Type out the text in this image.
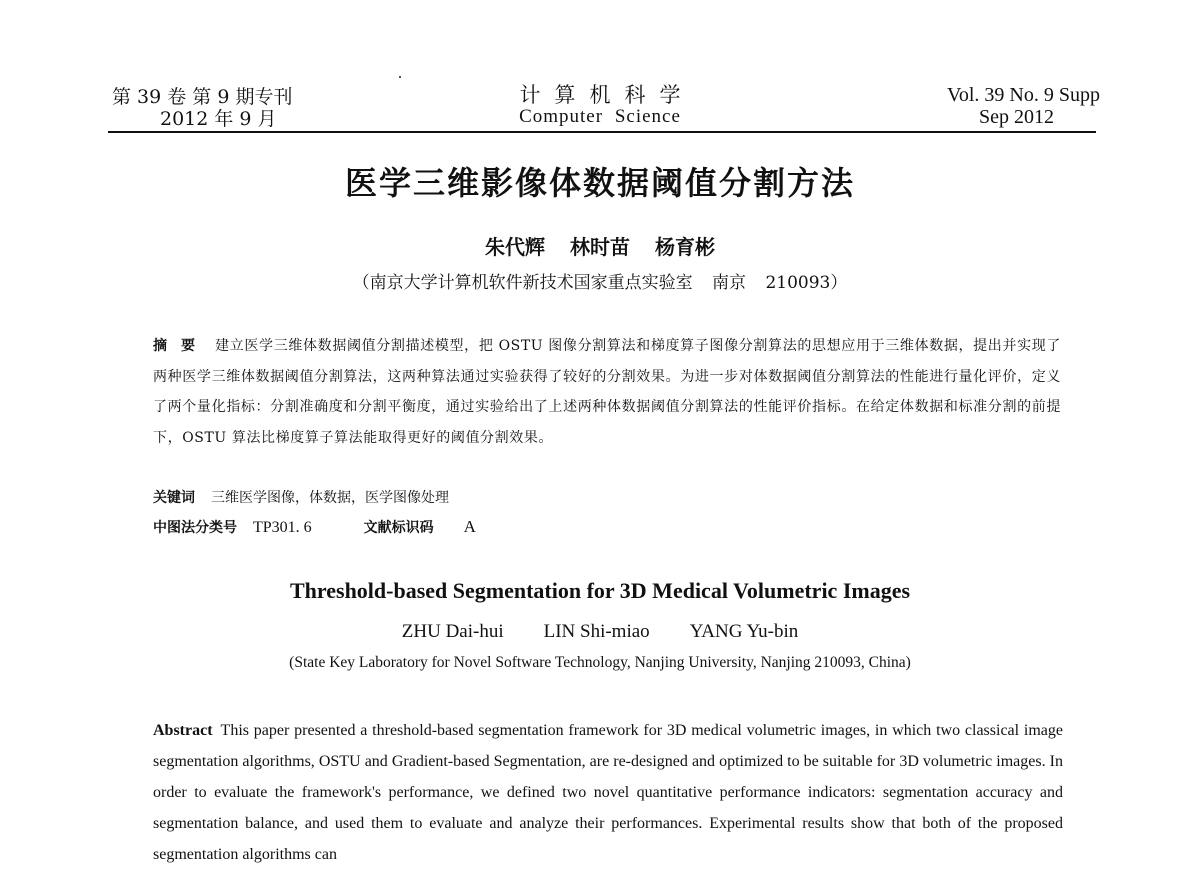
第 39 卷 第 9 期专刊
2012 年 9 月
计算机科学
Computer Science
Vol. 39 No. 9 Supp
Sep 2012
医学三维影像体数据阈值分割方法
朱代辉 林时苗 杨育彬
（南京大学计算机软件新技术国家重点实验室 南京 210093）
摘要 建立医学三维体数据阈值分割描述模型，把 OSTU 图像分割算法和梯度算子图像分割算法的思想应用于三维体数据，提出并实现了两种医学三维体数据阈值分割算法，这两种算法通过实验获得了较好的分割效果。为进一步对体数据阈值分割算法的性能进行量化评价，定义了两个量化指标：分割准确度和分割平衡度，通过实验给出了上述两种体数据阈值分割算法的性能评价指标。在给定体数据和标准分割的前提下，OSTU 算法比梯度算子算法能取得更好的阈值分割效果。
关键词 三维医学图像，体数据，医学图像处理
中图法分类号 TP301. 6	文献标识码 A
Threshold-based Segmentation for 3D Medical Volumetric Images
ZHU Dai-hui LIN Shi-miao YANG Yu-bin
(State Key Laboratory for Novel Software Technology, Nanjing University, Nanjing 210093, China)
Abstract This paper presented a threshold-based segmentation framework for 3D medical volumetric images, in which two classical image segmentation algorithms, OSTU and Gradient-based Segmentation, are re-designed and optimized to be suitable for 3D volumetric images. In order to evaluate the framework's performance, we defined two novel quantitative performance indicators: segmentation accuracy and segmentation balance, and used them to evaluate and analyze their performances. Experimental results show that both of the proposed segmentation algorithms can
